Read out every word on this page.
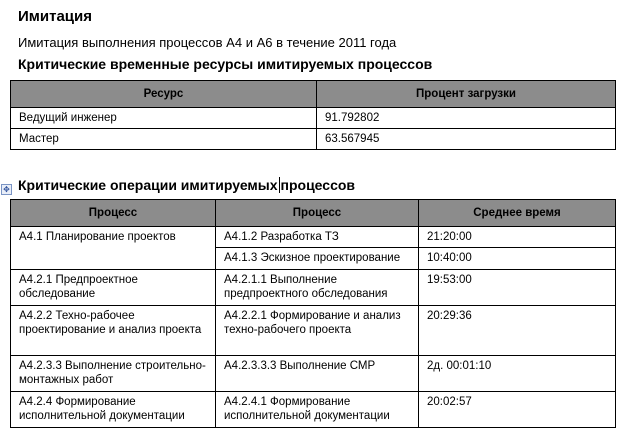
Имитация
Имитация выполнения процессов А4 и А6 в течение 2011 года
Критические временные ресурсы имитируемых процессов
Ресурс	Процент загрузки
Ведущий инженер	91.792802
Мастер	63.567945
✥ Критические операции имитируемых процессов
Процесс	Процесс	Среднее время
А4.1 Планирование проектов	А4.1.2 Разработка ТЗ	21:20:00
	А4.1.3 Эскизное проектирование	10:40:00
А4.2.1 Предпроектное обследование	А4.2.1.1 Выполнение предпроектного обследования	19:53:00
А4.2.2 Техно-рабочее проектирование и анализ проекта	А4.2.2.1 Формирование и анализ техно-рабочего проекта	20:29:36
А4.2.3.3 Выполнение строительно-монтажных работ	А4.2.3.3.3 Выполнение СМР	2д. 00:01:10
А4.2.4 Формирование исполнительной документации	А4.2.4.1 Формирование исполнительной документации	20:02:57
